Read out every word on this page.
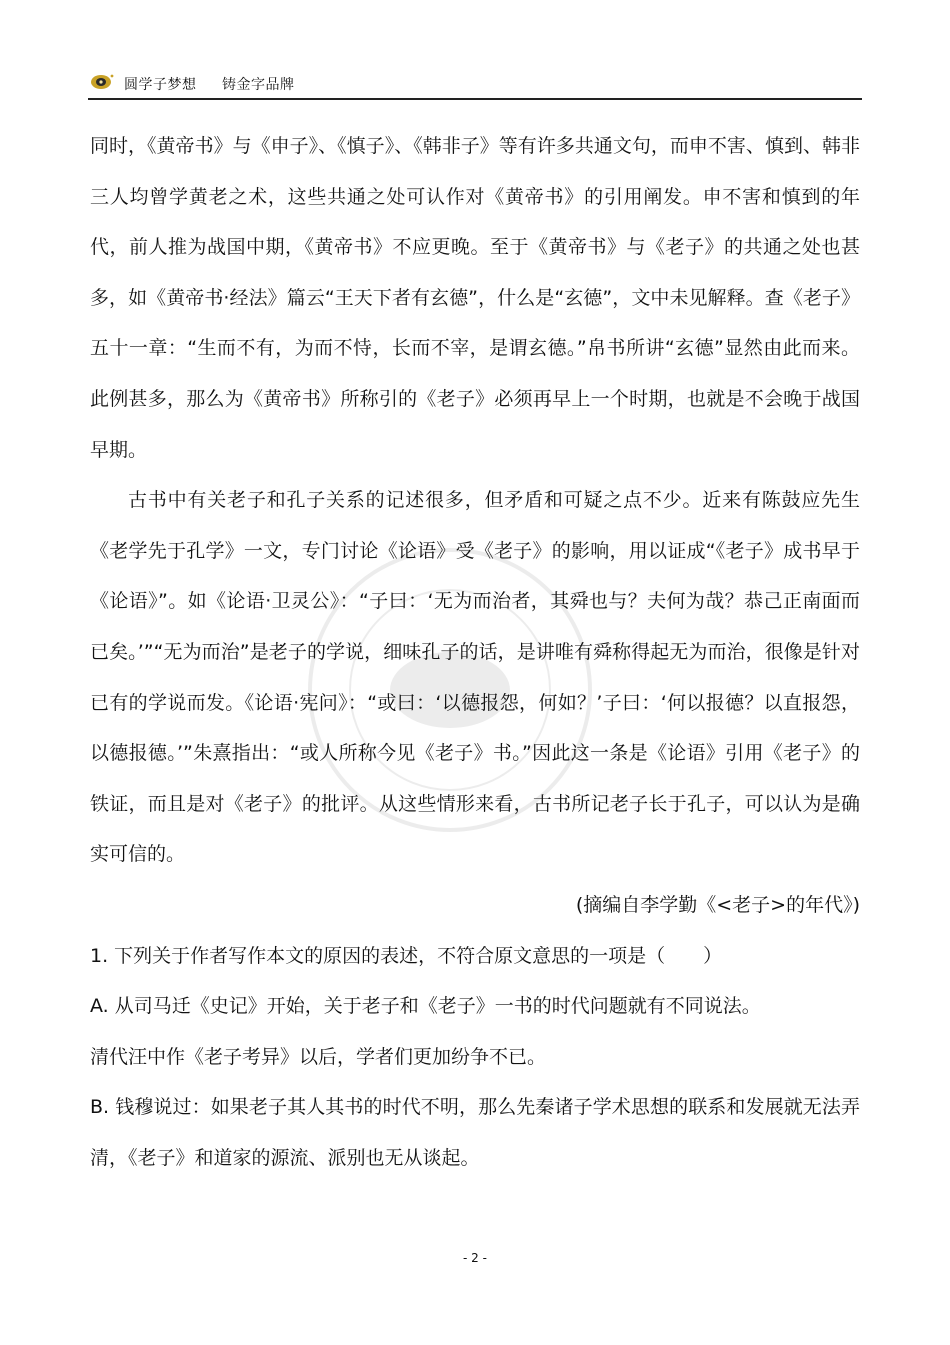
圆学子梦想 铸金字品牌

同时，《黄帝书》与《申子》、《慎子》、《韩非子》等有许多共通文句，而申不害、慎到、韩非三人均曾学黄老之术，这些共通之处可认作对《黄帝书》的引用阐发。申不害和慎到的年代，前人推为战国中期，《黄帝书》不应更晚。至于《黄帝书》与《老子》的共通之处也甚多，如《黄帝书·经法》篇云“王天下者有玄德”，什么是“玄德”，文中未见解释。查《老子》五十一章：“生而不有，为而不恃，长而不宰，是谓玄德。”帛书所讲“玄德”显然由此而来。此例甚多，那么为《黄帝书》所称引的《老子》必须再早上一个时期，也就是不会晚于战国早期。

古书中有关老子和孔子关系的记述很多，但矛盾和可疑之点不少。近来有陈鼓应先生《老学先于孔学》一文，专门讨论《论语》受《老子》的影响，用以证成“《老子》成书早于《论语》”。如《论语·卫灵公》：“子曰：‘无为而治者，其舜也与？夫何为哉？恭己正南面而已矣。’”“无为而治”是老子的学说，细味孔子的话，是讲唯有舜称得起无为而治，很像是针对已有的学说而发。《论语·宪问》：“或曰：‘以德报怨，何如？’子曰：‘何以报德？以直报怨，以德报德。’”朱熹指出：“或人所称今见《老子》书。”因此这一条是《论语》引用《老子》的铁证，而且是对《老子》的批评。从这些情形来看，古书所记老子长于孔子，可以认为是确实可信的。

(摘编自李学勤《<老子>的年代》)

1. 下列关于作者写作本文的原因的表述，不符合原文意思的一项是（　　）

A. 从司马迁《史记》开始，关于老子和《老子》一书的时代问题就有不同说法。

清代汪中作《老子考异》以后，学者们更加纷争不已。

B. 钱穆说过：如果老子其人其书的时代不明，那么先秦诸子学术思想的联系和发展就无法弄清，《老子》和道家的源流、派别也无从谈起。

- 2 -
